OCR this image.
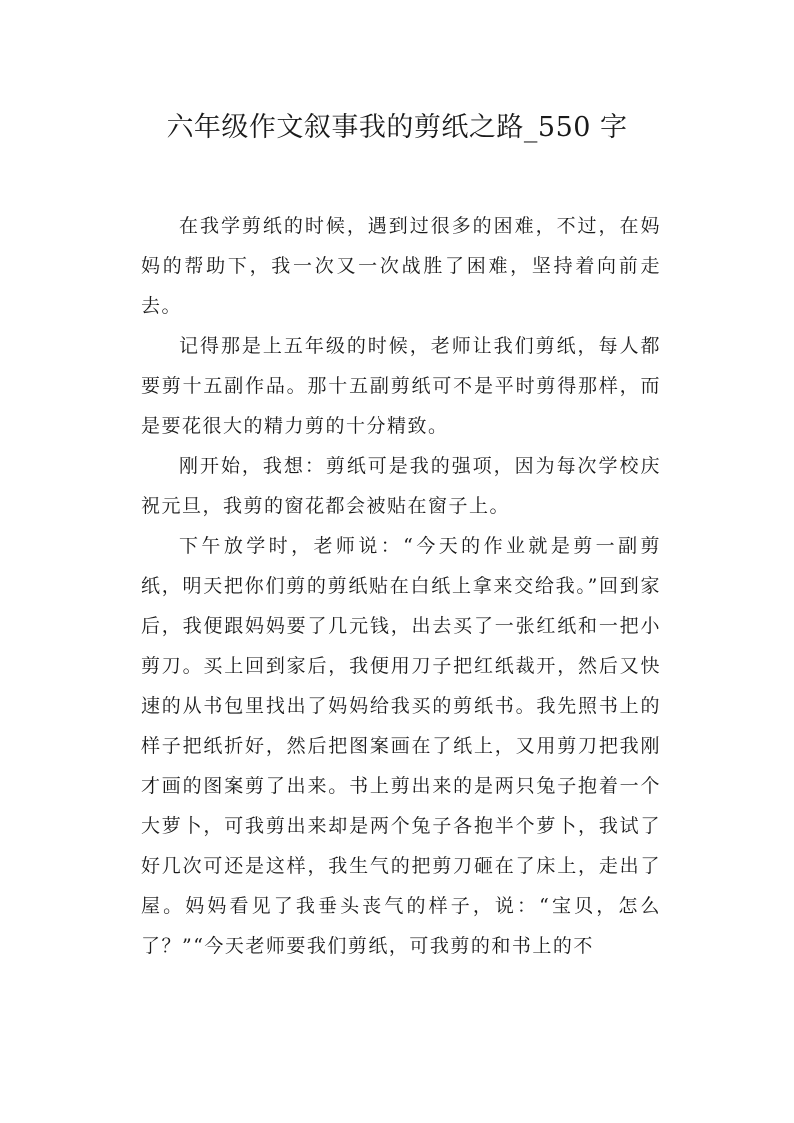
六年级作文叙事我的剪纸之路_550 字

在我学剪纸的时候，遇到过很多的困难，不过，在妈妈的帮助下，我一次又一次战胜了困难，坚持着向前走去。

记得那是上五年级的时候，老师让我们剪纸，每人都要剪十五副作品。那十五副剪纸可不是平时剪得那样，而是要花很大的精力剪的十分精致。

刚开始，我想：剪纸可是我的强项，因为每次学校庆祝元旦，我剪的窗花都会被贴在窗子上。

下午放学时，老师说：“今天的作业就是剪一副剪纸，明天把你们剪的剪纸贴在白纸上拿来交给我。”回到家后，我便跟妈妈要了几元钱，出去买了一张红纸和一把小剪刀。买上回到家后，我便用刀子把红纸裁开，然后又快速的从书包里找出了妈妈给我买的剪纸书。我先照书上的样子把纸折好，然后把图案画在了纸上，又用剪刀把我刚才画的图案剪了出来。书上剪出来的是两只兔子抱着一个大萝卜，可我剪出来却是两个兔子各抱半个萝卜，我试了好几次可还是这样，我生气的把剪刀砸在了床上，走出了屋。妈妈看见了我垂头丧气的样子，说：“宝贝，怎么了？”“今天老师要我们剪纸，可我剪的和书上的不
